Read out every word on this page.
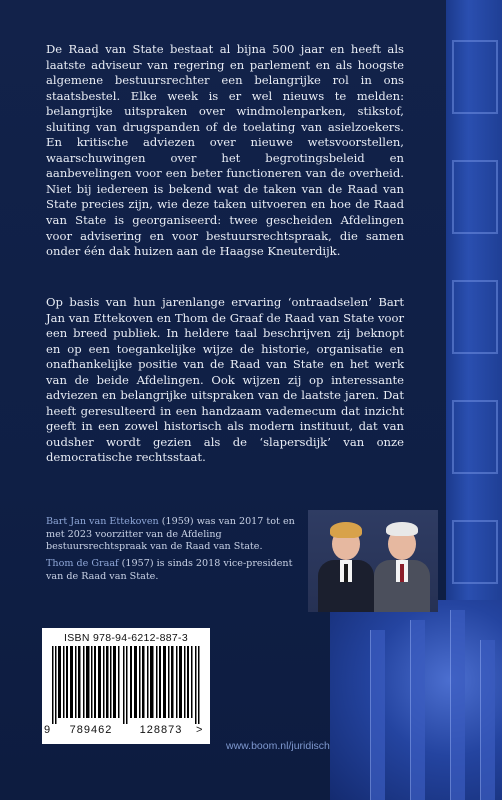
De Raad van State bestaat al bijna 500 jaar en heeft als laatste adviseur van regering en parlement en als hoogste algemene bestuursrechter een belangrijke rol in ons staatsbestel. Elke week is er wel nieuws te melden: belangrijke uitspraken over windmolenparken, stikstof, sluiting van drugspanden of de toelating van asielzoekers. En kritische adviezen over nieuwe wetsvoorstellen, waarschuwingen over het begrotingsbeleid en aanbevelingen voor een beter functioneren van de overheid. Niet bij iedereen is bekend wat de taken van de Raad van State precies zijn, wie deze taken uitvoeren en hoe de Raad van State is georganiseerd: twee gescheiden Afdelingen voor advisering en voor bestuursrechtspraak, die samen onder één dak huizen aan de Haagse Kneuterdijk.

Op basis van hun jarenlange ervaring ‘ontraadselen’ Bart Jan van Ettekoven en Thom de Graaf de Raad van State voor een breed publiek. In heldere taal beschrijven zij beknopt en op een toegankelijke wijze de historie, organisatie en onafhankelijke positie van de Raad van State en het werk van de beide Afdelingen. Ook wijzen zij op interessante adviezen en belangrijke uitspraken van de laatste jaren. Dat heeft geresulteerd in een handzaam vademecum dat inzicht geeft in een zowel historisch als modern instituut, dat van oudsher wordt gezien als de ‘slapersdijk’ van onze democratische rechtsstaat.

Bart Jan van Ettekoven (1959) was van 2017 tot en met 2023 voorzitter van de Afdeling bestuursrechtspraak van de Raad van State.
Thom de Graaf (1957) is sinds 2018 vice-president van de Raad van State.
ISBN 978-94-6212-887-3
9 789462 128873 >
www.boom.nl/juridisch
